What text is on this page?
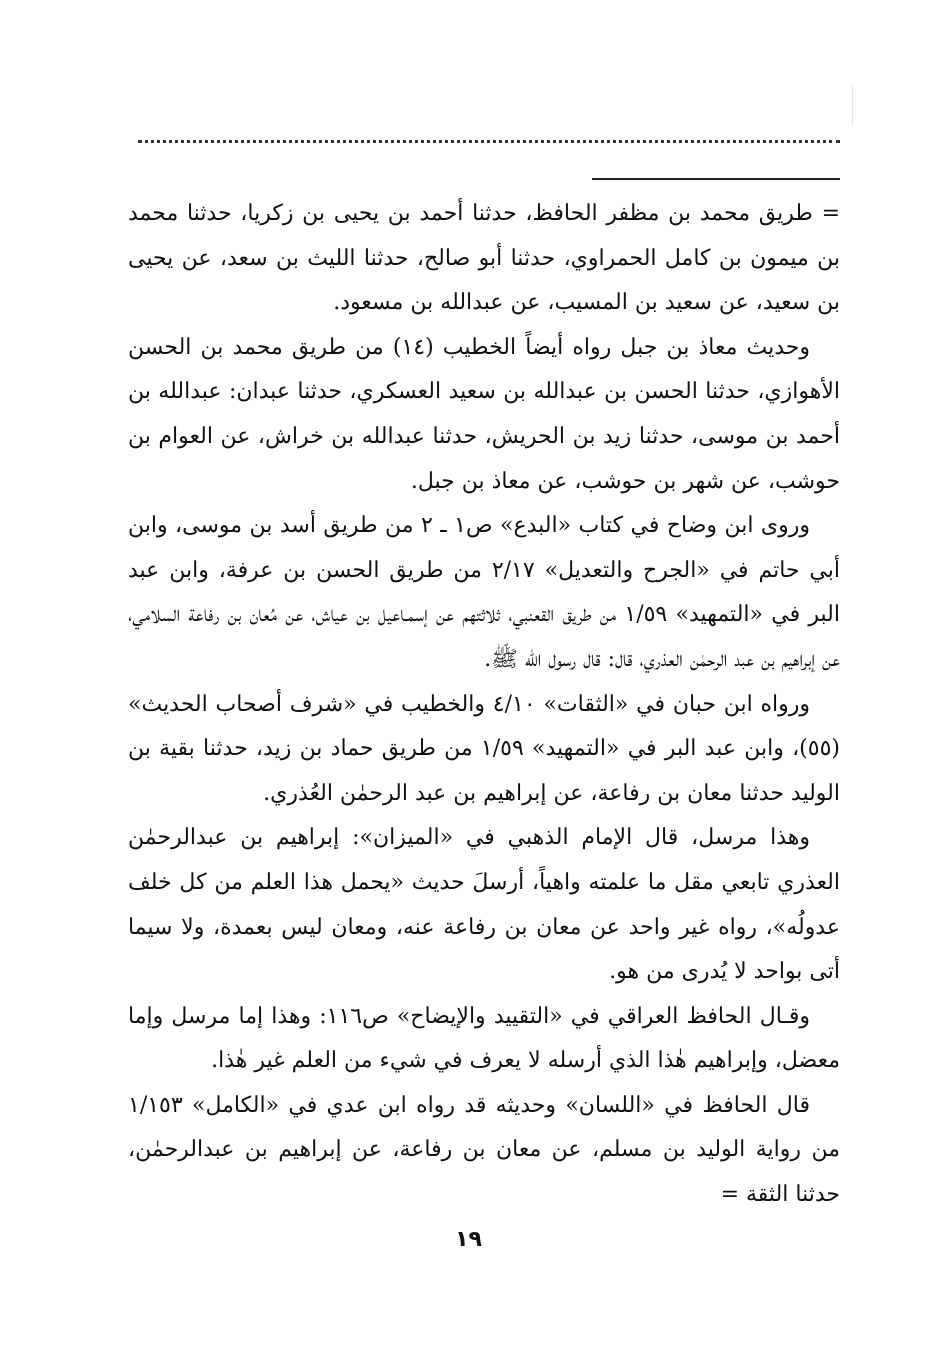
= طريق محمد بن مظفر الحافظ، حدثنا أحمد بن يحيى بن زكريا، حدثنا محمد بن ميمون بن كامل الحمراوي، حدثنا أبو صالح، حدثنا الليث بن سعد، عن يحيى بن سعيد، عن سعيد بن المسيب، عن عبدالله بن مسعود.

وحديث معاذ بن جبل رواه أيضاً الخطيب (١٤) من طريق محمد بن الحسن الأهوازي، حدثنا الحسن بن عبدالله بن سعيد العسكري، حدثنا عبدان: عبدالله بن أحمد بن موسى، حدثنا زيد بن الحريش، حدثنا عبدالله بن خراش، عن العوام بن حوشب، عن شهر بن حوشب، عن معاذ بن جبل.

وروى ابن وضاح في كتاب «البدع» ص١ ـ ٢ من طريق أسد بن موسى، وابن أبي حاتم في «الجرح والتعديل» ٢/١٧ من طريق الحسن بن عرفة، وابن عبد البر في «التمهيد» ١/٥٩ من طريق القعنبي، ثلاثتهم عن إسمـاعيل بن عياش، عن مُعان بن رفاعة السلامي، عن إبراهيم بن عبد الرحمٰن العذري، قال: قال رسول الله ﷺ.

ورواه ابن حبان في «الثقات» ٤/١٠ والخطيب في «شرف أصحاب الحديث» (٥٥)، وابن عبد البر في «التمهيد» ١/٥٩ من طريق حماد بن زيد، حدثنا بقية بن الوليد حدثنا معان بن رفاعة، عن إبراهيم بن عبد الرحمٰن العُذري.

وهذا مرسل، قال الإمام الذهبي في «الميزان»: إبراهيم بن عبدالرحمٰن العذري تابعي مقل ما علمته واهياً، أرسلَ حديث «يحمل هذا العلم من كل خلف عدولُه»، رواه غير واحد عن معان بن رفاعة عنه، ومعان ليس بعمدة، ولا سيما أتى بواحد لا يُدرى من هو.

وقـال الحافظ العراقي في «التقييد والإيضاح» ص١١٦: وهذا إما مرسل وإما معضل، وإبراهيم هٰذا الذي أرسله لا يعرف في شيء من العلم غير هٰذا.

قال الحافظ في «اللسان» وحديثه قد رواه ابن عدي في «الكامل» ١/١٥٣ من رواية الوليد بن مسلم، عن معان بن رفاعة، عن إبراهيم بن عبدالرحمٰن، حدثنا الثقة =

١٩
